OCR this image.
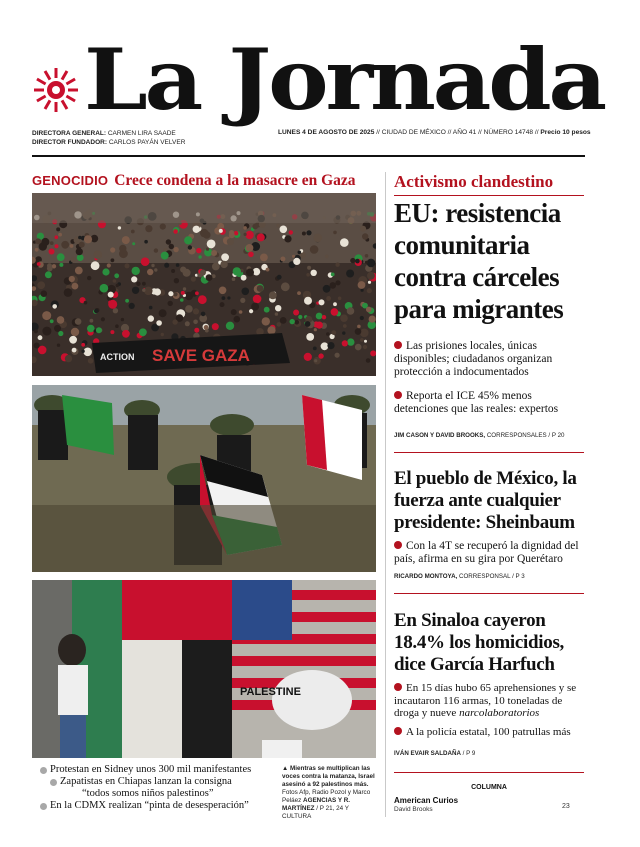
La Jornada
DIRECTORA GENERAL: CARMEN LIRA SAADE
DIRECTOR FUNDADOR: CARLOS PAYÁN VELVER
LUNES 4 DE AGOSTO DE 2025 // CIUDAD DE MÉXICO // AÑO 41 // NÚMERO 14748 // Precio 10 pesos
GENOCIDIO Crece condena a la masacre en Gaza
SAVE GAZA
ACTION
PALESTINE
Protestan en Sidney unos 300 mil manifestantes
Zapatistas en Chiapas lanzan la consigna
“todos somos niños palestinos”
En la CDMX realizan “pinta de desesperación”
▲ Mientras se multiplican las voces contra la matanza, Israel asesinó a 92 palestinos más. Fotos Afp, Radio Pozol y Marco Peláez AGENCIAS Y R. MARTÍNEZ / P 21, 24 Y CULTURA
Activismo clandestino
EU: resistencia comunitaria contra cárceles para migrantes
Las prisiones locales, únicas disponibles; ciudadanos organizan protección a indocumentados
Reporta el ICE 45% menos detenciones que las reales: expertos
JIM CASON Y DAVID BROOKS, CORRESPONSALES / P 20
El pueblo de México, la fuerza ante cualquier presidente: Sheinbaum
Con la 4T se recuperó la dignidad del país, afirma en su gira por Querétaro
RICARDO MONTOYA, CORRESPONSAL / P 3
En Sinaloa cayeron 18.4% los homicidios, dice García Harfuch
En 15 días hubo 65 aprehensiones y se incautaron 116 armas, 10 toneladas de droga y nueve narcolaboratorios
A la policía estatal, 100 patrullas más
IVÁN EVAIR SALDAÑA / P 9
COLUMNA
American Curios
David Brooks	23
